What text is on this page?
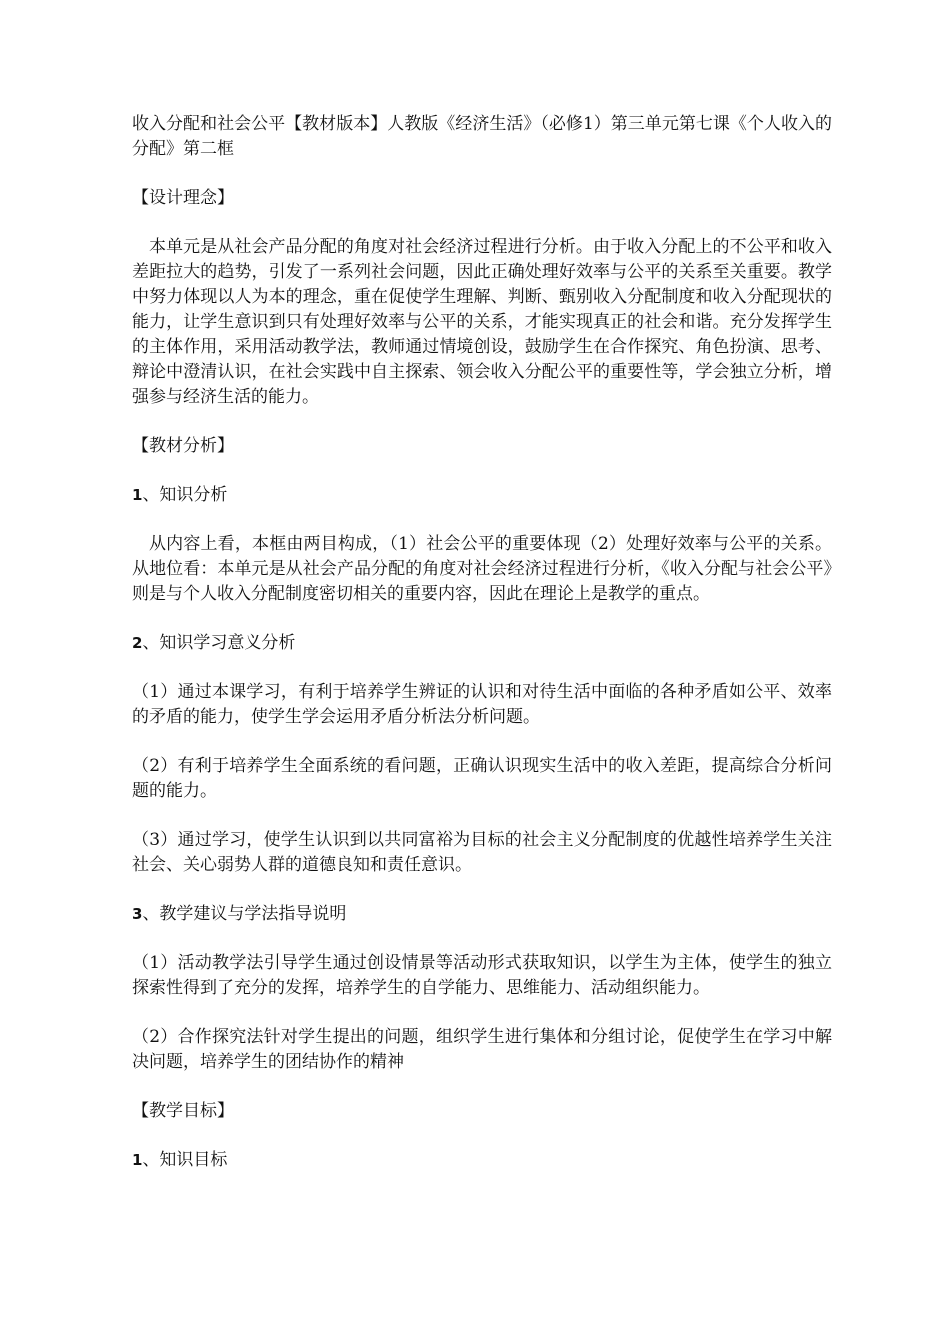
收入分配和社会公平【教材版本】人教版《经济生活》（必修1）第三单元第七课《个人收入的分配》第二框

【设计理念】

本单元是从社会产品分配的角度对社会经济过程进行分析。由于收入分配上的不公平和收入差距拉大的趋势，引发了一系列社会问题，因此正确处理好效率与公平的关系至关重要。教学中努力体现以人为本的理念，重在促使学生理解、判断、甄别收入分配制度和收入分配现状的能力，让学生意识到只有处理好效率与公平的关系，才能实现真正的社会和谐。充分发挥学生的主体作用，采用活动教学法，教师通过情境创设，鼓励学生在合作探究、角色扮演、思考、辩论中澄清认识，在社会实践中自主探索、领会收入分配公平的重要性等，学会独立分析，增强参与经济生活的能力。

【教材分析】

1、知识分析

从内容上看，本框由两目构成，（1）社会公平的重要体现（2）处理好效率与公平的关系。从地位看：本单元是从社会产品分配的角度对社会经济过程进行分析，《收入分配与社会公平》则是与个人收入分配制度密切相关的重要内容，因此在理论上是教学的重点。

2、知识学习意义分析

（1）通过本课学习，有利于培养学生辨证的认识和对待生活中面临的各种矛盾如公平、效率的矛盾的能力，使学生学会运用矛盾分析法分析问题。

（2）有利于培养学生全面系统的看问题，正确认识现实生活中的收入差距，提高综合分析问题的能力。

（3）通过学习，使学生认识到以共同富裕为目标的社会主义分配制度的优越性培养学生关注社会、关心弱势人群的道德良知和责任意识。

3、教学建议与学法指导说明

（1）活动教学法引导学生通过创设情景等活动形式获取知识，以学生为主体，使学生的独立探索性得到了充分的发挥，培养学生的自学能力、思维能力、活动组织能力。

（2）合作探究法针对学生提出的问题，组织学生进行集体和分组讨论，促使学生在学习中解决问题，培养学生的团结协作的精神

【教学目标】

1、知识目标
